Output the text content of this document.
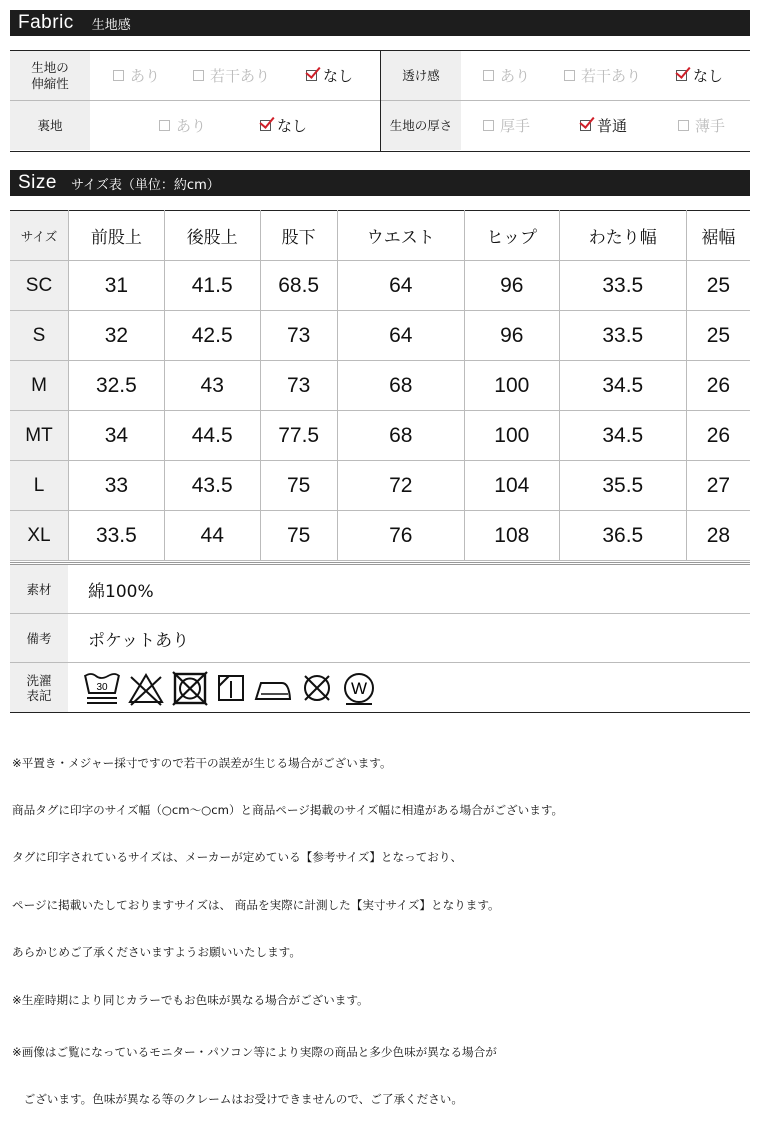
Fabric 生地感
生地の
伸縮性	あり	若干あり	なし	透け感	あり	若干あり	なし
裏地	あり	なし	生地の厚さ	厚手	普通	薄手
Size サイズ表（単位：約cm）
サイズ	前股上	後股上	股下	ウエスト	ヒップ	わたり幅	裾幅
SC	31	41.5	68.5	64	96	33.5	25
S	32	42.5	73	64	96	33.5	25
M	32.5	43	73	68	100	34.5	26
MT	34	44.5	77.5	68	100	34.5	26
L	33	43.5	75	72	104	35.5	27
XL	33.5	44	75	76	108	36.5	28
素材	綿100%
備考	ポケットあり
洗濯
表記
30	W

※平置き・メジャー採寸ですので若干の誤差が生じる場合がございます。

商品タグに印字のサイズ幅（○cm～○cm）と商品ページ掲載のサイズ幅に相違がある場合がございます。

タグに印字されているサイズは、メーカーが定めている【参考サイズ】となっており、

ページに掲載いたしておりますサイズは、 商品を実際に計測した【実寸サイズ】となります。

あらかじめご了承くださいますようお願いいたします。

※生産時期により同じカラーでもお色味が異なる場合がございます。

※画像はご覧になっているモニター・パソコン等により実際の商品と多少色味が異なる場合が

　ございます。色味が異なる等のクレームはお受けできませんので、ご了承ください。
